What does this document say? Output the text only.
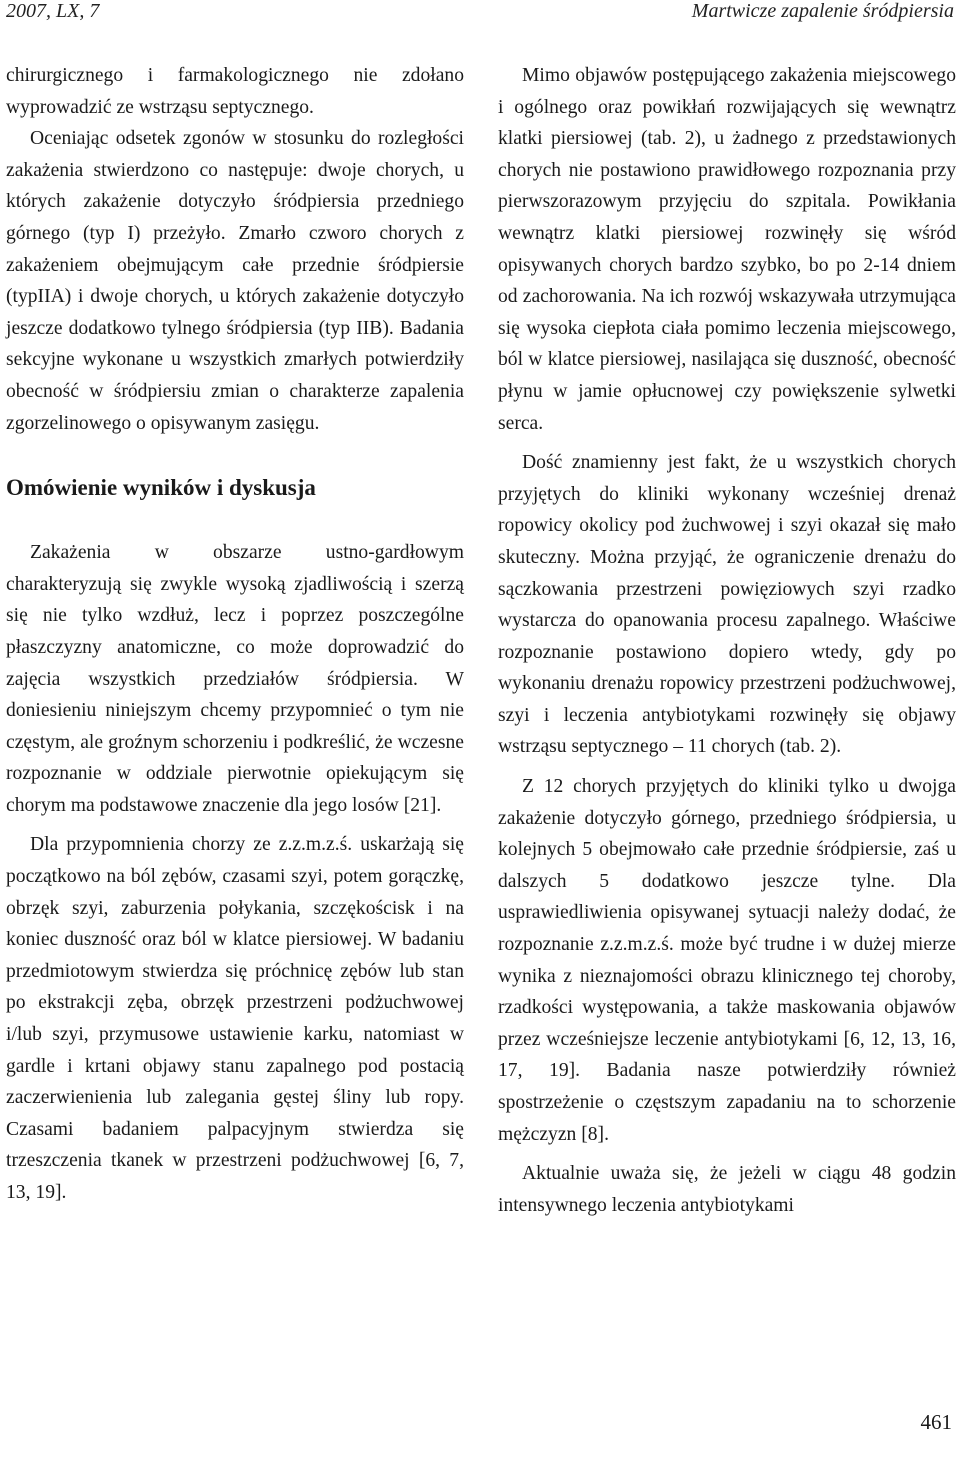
2007, LX, 7	Martwicze zapalenie śródpiersia

chirurgicznego i farmakologicznego nie zdołano wyprowadzić ze wstrząsu septycznego.

Oceniając odsetek zgonów w stosunku do rozległości zakażenia stwierdzono co następuje: dwoje chorych, u których zakażenie dotyczyło śródpiersia przedniego górnego (typ I) przeżyło. Zmarło czworo chorych z zakażeniem obejmującym całe przednie śródpiersie (typIIA) i dwoje chorych, u których zakażenie dotyczyło jeszcze dodatkowo tylnego śródpiersia (typ IIB). Badania sekcyjne wykonane u wszystkich zmarłych potwierdziły obecność w śródpiersiu zmian o charakterze zapalenia zgorzelinowego o opisywanym zasięgu.

Omówienie wyników i dyskusja

Zakażenia w obszarze ustno-gardłowym charakteryzują się zwykle wysoką zjadliwością i szerzą się nie tylko wzdłuż, lecz i poprzez poszczególne płaszczyzny anatomiczne, co może doprowadzić do zajęcia wszystkich przedziałów śródpiersia. W doniesieniu niniejszym chcemy przypomnieć o tym nie częstym, ale groźnym schorzeniu i podkreślić, że wczesne rozpoznanie w oddziale pierwotnie opiekującym się chorym ma podstawowe znaczenie dla jego losów [21].

Dla przypomnienia chorzy ze z.z.m.z.ś. uskarżają się początkowo na ból zębów, czasami szyi, potem gorączkę, obrzęk szyi, zaburzenia połykania, szczękościsk i na koniec duszność oraz ból w klatce piersiowej. W badaniu przedmiotowym stwierdza się próchnicę zębów lub stan po ekstrakcji zęba, obrzęk przestrzeni podżuchwowej i/lub szyi, przymusowe ustawienie karku, natomiast w gardle i krtani objawy stanu zapalnego pod postacią zaczerwienienia lub zalegania gęstej śliny lub ropy. Czasami badaniem palpacyjnym stwierdza się trzeszczenia tkanek w przestrzeni podżuchwowej [6, 7, 13, 19].

Mimo objawów postępującego zakażenia miejscowego i ogólnego oraz powikłań rozwijających się wewnątrz klatki piersiowej (tab. 2), u żadnego z przedstawionych chorych nie postawiono prawidłowego rozpoznania przy pierwszorazowym przyjęciu do szpitala. Powikłania wewnątrz klatki piersiowej rozwinęły się wśród opisywanych chorych bardzo szybko, bo po 2-14 dniem od zachorowania. Na ich rozwój wskazywała utrzymująca się wysoka ciepłota ciała pomimo leczenia miejscowego, ból w klatce piersiowej, nasilająca się duszność, obecność płynu w jamie opłucnowej czy powiększenie sylwetki serca.

Dość znamienny jest fakt, że u wszystkich chorych przyjętych do kliniki wykonany wcześniej drenaż ropowicy okolicy pod żuchwowej i szyi okazał się mało skuteczny. Można przyjąć, że ograniczenie drenażu do sączkowania przestrzeni powięziowych szyi rzadko wystarcza do opanowania procesu zapalnego. Właściwe rozpoznanie postawiono dopiero wtedy, gdy po wykonaniu drenażu ropowicy przestrzeni podżuchwowej, szyi i leczenia antybiotykami rozwinęły się objawy wstrząsu septycznego – 11 chorych (tab. 2).

Z 12 chorych przyjętych do kliniki tylko u dwojga zakażenie dotyczyło górnego, przedniego śródpiersia, u kolejnych 5 obejmowało całe przednie śródpiersie, zaś u dalszych 5 dodatkowo jeszcze tylne. Dla usprawiedliwienia opisywanej sytuacji należy dodać, że rozpoznanie z.z.m.z.ś. może być trudne i w dużej mierze wynika z nieznajomości obrazu klinicznego tej choroby, rzadkości występowania, a także maskowania objawów przez wcześniejsze leczenie antybiotykami [6, 12, 13, 16, 17, 19]. Badania nasze potwierdziły również spostrzeżenie o częstszym zapadaniu na to schorzenie mężczyzn [8].

Aktualnie uważa się, że jeżeli w ciągu 48 godzin intensywnego leczenia antybiotykami

461
